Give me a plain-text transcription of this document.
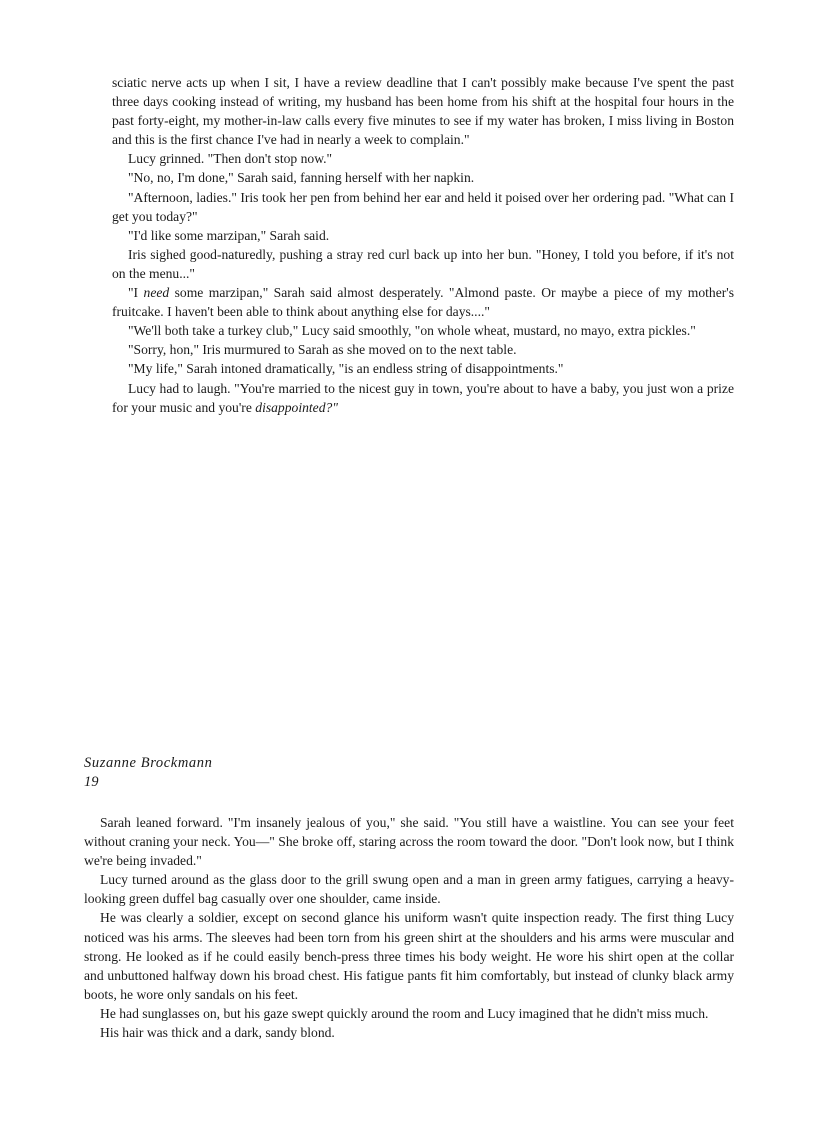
sciatic nerve acts up when I sit, I have a review deadline that I can't possibly make because I've spent the past three days cooking instead of writing, my husband has been home from his shift at the hospital four hours in the past forty-eight, my mother-in-law calls every five minutes to see if my water has broken, I miss living in Boston and this is the first chance I've had in nearly a week to complain."

Lucy grinned. "Then don't stop now."

"No, no, I'm done," Sarah said, fanning herself with her napkin.

"Afternoon, ladies." Iris took her pen from behind her ear and held it poised over her ordering pad. "What can I get you today?"

"I'd like some marzipan," Sarah said.

Iris sighed good-naturedly, pushing a stray red curl back up into her bun. "Honey, I told you before, if it's not on the menu..."

"I need some marzipan," Sarah said almost desperately. "Almond paste. Or maybe a piece of my mother's fruitcake. I haven't been able to think about anything else for days...."

"We'll both take a turkey club," Lucy said smoothly, "on whole wheat, mustard, no mayo, extra pickles."

"Sorry, hon," Iris murmured to Sarah as she moved on to the next table.

"My life," Sarah intoned dramatically, "is an endless string of disappointments."

Lucy had to laugh. "You're married to the nicest guy in town, you're about to have a baby, you just won a prize for your music and you're disappointed?"

Suzanne Brockmann
19

Sarah leaned forward. "I'm insanely jealous of you," she said. "You still have a waistline. You can see your feet without craning your neck. You—" She broke off, staring across the room toward the door. "Don't look now, but I think we're being invaded."

Lucy turned around as the glass door to the grill swung open and a man in green army fatigues, carrying a heavy-looking green duffel bag casually over one shoulder, came inside.

He was clearly a soldier, except on second glance his uniform wasn't quite inspection ready. The first thing Lucy noticed was his arms. The sleeves had been torn from his green shirt at the shoulders and his arms were muscular and strong. He looked as if he could easily bench-press three times his body weight. He wore his shirt open at the collar and unbuttoned halfway down his broad chest. His fatigue pants fit him comfortably, but instead of clunky black army boots, he wore only sandals on his feet.

He had sunglasses on, but his gaze swept quickly around the room and Lucy imagined that he didn't miss much.

His hair was thick and a dark, sandy blond.
